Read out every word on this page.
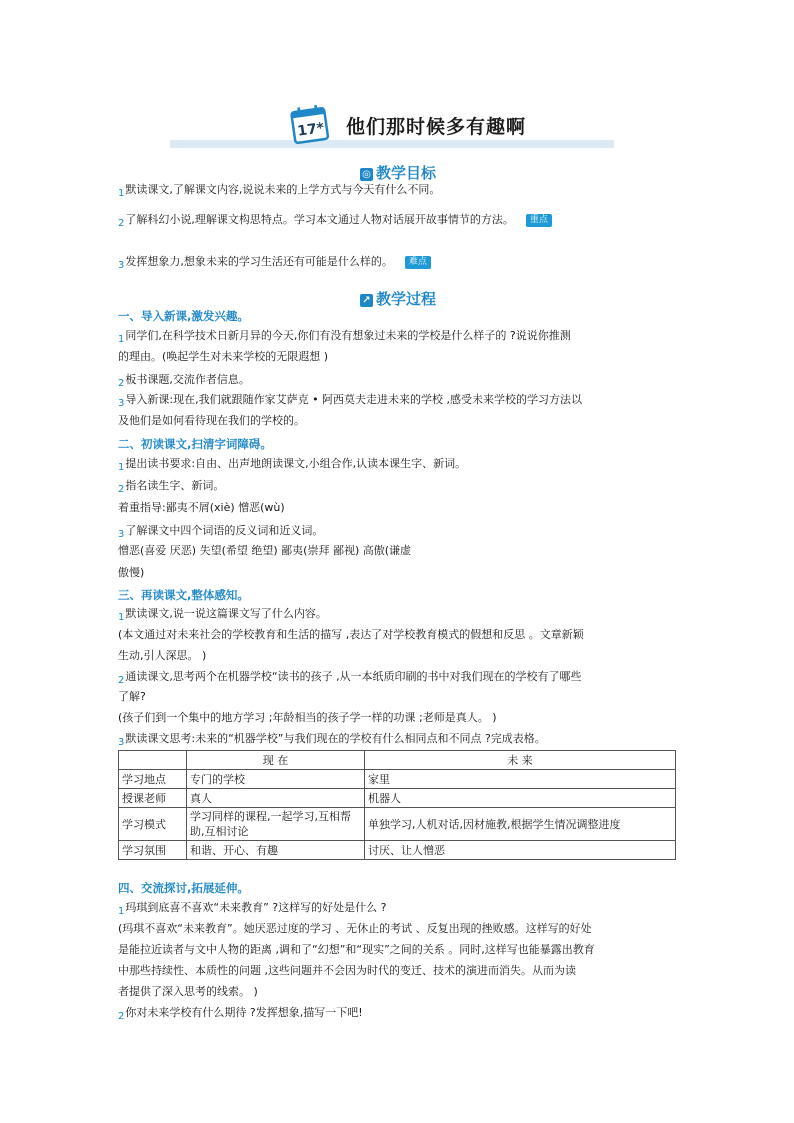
17* 他们那时候多有趣啊
◎ 教学目标
1默读课文,了解课文内容,说说未来的上学方式与今天有什么不同。
2了解科幻小说,理解课文构思特点。学习本文通过人物对话展开故事情节的方法。 重点
3发挥想象力,想象未来的学习生活还有可能是什么样的。 难点
↗ 教学过程
一、导入新课,激发兴趣。
1同学们,在科学技术日新月异的今天,你们有没有想象过未来的学校是什么样子的 ?说说你推测
的理由。(唤起学生对未来学校的无限遐想 )
2板书课题,交流作者信息。
3导入新课:现在,我们就跟随作家艾萨克 • 阿西莫夫走进未来的学校 ,感受未来学校的学习方法以
及他们是如何看待现在我们的学校的。
二、初读课文,扫清字词障碍。
1提出读书要求:自由、出声地朗读课文,小组合作,认读本课生字、新词。
2指名读生字、新词。
着重指导:鄙夷不屑(xiè) 憎恶(wù)
3了解课文中四个词语的反义词和近义词。
憎恶(喜爱 厌恶) 失望(希望 绝望) 鄙夷(崇拜 鄙视) 高傲(谦虚
傲慢)
三、再读课文,整体感知。
1默读课文,说一说这篇课文写了什么内容。
(本文通过对未来社会的学校教育和生活的描写 ,表达了对学校教育模式的假想和反思 。文章新颖
生动,引人深思。 )
2通读课文,思考两个在机器学校“读书的孩子 ,从一本纸质印刷的书中对我们现在的学校有了哪些
了解?
(孩子们到一个集中的地方学习 ;年龄相当的孩子学一样的功课 ;老师是真人。 )
3默读课文思考:未来的“机器学校”与我们现在的学校有什么相同点和不同点 ?完成表格。
	现 在	未 来
学习地点	专门的学校	家里
授课老师	真人	机器人
学习模式	学习同样的课程,一起学习,互相帮助,互相讨论	单独学习,人机对话,因材施教,根据学生情况调整进度
学习氛围	和谐、开心、有趣	讨厌、让人憎恶
四、交流探讨,拓展延伸。
1玛琪到底喜不喜欢“未来教育” ?这样写的好处是什么 ?
(玛琪不喜欢“未来教育”。她厌恶过度的学习 、无休止的考试 、反复出现的挫败感。这样写的好处
是能拉近读者与文中人物的距离 ,调和了“幻想”和“现实”之间的关系 。同时,这样写也能暴露出教育
中那些持续性、本质性的问题 ,这些问题并不会因为时代的变迁、技术的演进而消失。从而为读
者提供了深入思考的线索。 )
2你对未来学校有什么期待 ?发挥想象,描写一下吧!
